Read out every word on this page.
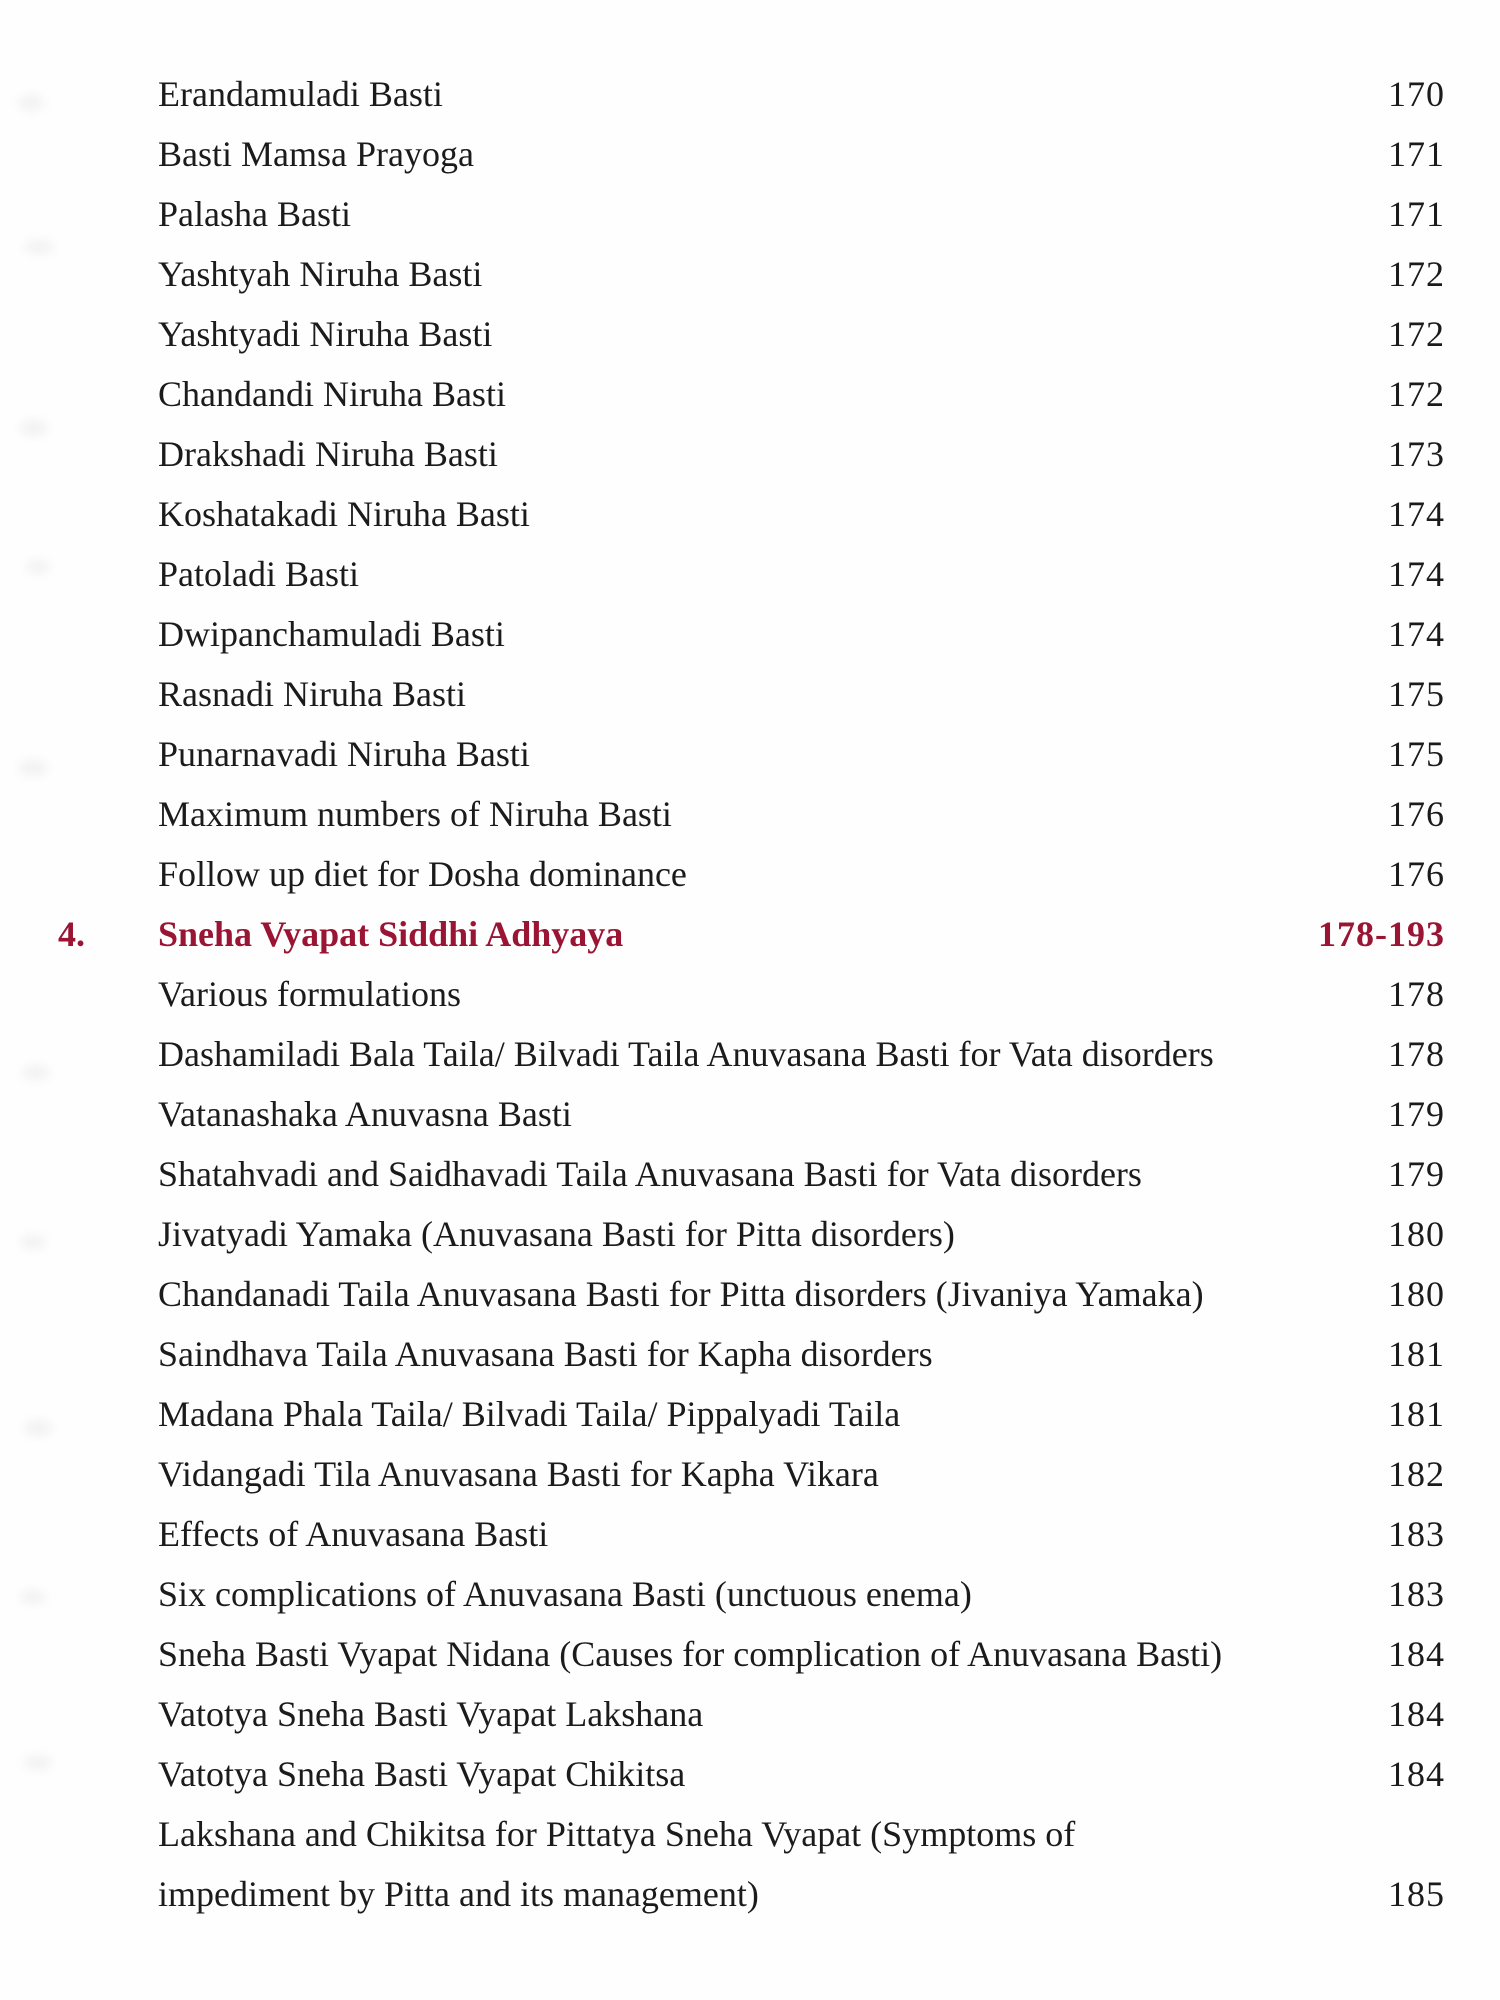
Erandamuladi Basti	170
Basti Mamsa Prayoga	171
Palasha Basti	171
Yashtyah Niruha Basti	172
Yashtyadi Niruha Basti	172
Chandandi Niruha Basti	172
Drakshadi Niruha Basti	173
Koshatakadi Niruha Basti	174
Patoladi Basti	174
Dwipanchamuladi Basti	174
Rasnadi Niruha Basti	175
Punarnavadi Niruha Basti	175
Maximum numbers of Niruha Basti	176
Follow up diet for Dosha dominance	176
4. Sneha Vyapat Siddhi Adhyaya	178-193
Various formulations	178
Dashamiladi Bala Taila/ Bilvadi Taila Anuvasana Basti for Vata disorders	178
Vatanashaka Anuvasna Basti	179
Shatahvadi and Saidhavadi Taila Anuvasana Basti for Vata disorders	179
Jivatyadi Yamaka (Anuvasana Basti for Pitta disorders)	180
Chandanadi Taila Anuvasana Basti for Pitta disorders (Jivaniya Yamaka)	180
Saindhava Taila Anuvasana Basti for Kapha disorders	181
Madana Phala Taila/ Bilvadi Taila/ Pippalyadi Taila	181
Vidangadi Tila Anuvasana Basti for Kapha Vikara	182
Effects of Anuvasana Basti	183
Six complications of Anuvasana Basti (unctuous enema)	183
Sneha Basti Vyapat Nidana (Causes for complication of Anuvasana Basti)	184
Vatotya Sneha Basti Vyapat Lakshana	184
Vatotya Sneha Basti Vyapat Chikitsa	184
Lakshana and Chikitsa for Pittatya Sneha Vyapat (Symptoms of impediment by Pitta and its management)	185
